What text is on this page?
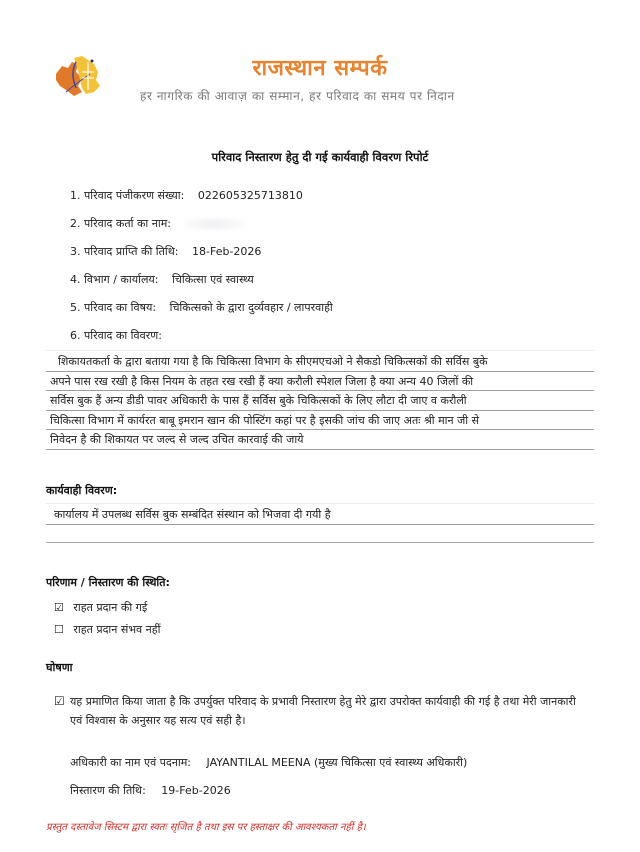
राजस्थान सम्पर्क
हर नागरिक की आवाज़ का सम्मान, हर परिवाद का समय पर निदान
परिवाद निस्तारण हेतु दी गई कार्यवाही विवरण रिपोर्ट
1. परिवाद पंजीकरण संख्या: 022605325713810
2. परिवाद कर्ता का नाम:
3. परिवाद प्राप्ति की तिथि: 18-Feb-2026
4. विभाग / कार्यालय: चिकित्सा एवं स्वास्थ्य
5. परिवाद का विषय: चिकित्सको के द्वारा दुर्व्यवहार / लापरवाही
6. परिवाद का विवरण:
शिकायतकर्ता के द्वारा बताया गया है कि चिकित्सा विभाग के सीएमएचओ ने सैकडो चिकित्सकों की सर्विस बुके
अपने पास रख रखी है किस नियम के तहत रख रखी हैं क्या करौली स्पेशल जिला है क्या अन्य 40 जिलों की
सर्विस बुक हैं अन्य डीडी पावर अधिकारी के पास हैं सर्विस बुके चिकित्सकों के लिए लौटा दी जाए व करौली
चिकित्सा विभाग में कार्यरत बाबू इमरान खान की पोस्टिंग कहां पर है इसकी जांच की जाए अतः श्री मान जी से
निवेदन है की शिकायत पर जल्द से जल्द उचित कारवाई की जाये
कार्यवाही विवरण:
कार्यालय में उपलब्ध सर्विस बुक सम्बंदित संस्थान को भिजवा दी गयी है
परिणाम / निस्तारण की स्थिति:
☑ राहत प्रदान की गई
☐ राहत प्रदान संभव नहीं
घोषणा
☑ यह प्रमाणित किया जाता है कि उपर्युक्त परिवाद के प्रभावी निस्तारण हेतु मेरे द्वारा उपरोक्त कार्यवाही की गई है तथा मेरी जानकारी एवं विश्वास के अनुसार यह सत्य एवं सही है।
अधिकारी का नाम एवं पदनाम: JAYANTILAL MEENA (मुख्य चिकित्सा एवं स्वास्थ्य अधिकारी)
निस्तारण की तिथि: 19-Feb-2026
प्रस्तुत दस्तावेज सिस्टम द्वारा स्वतः सृजित है तथा इस पर हस्ताक्षर की आवश्यकता नहीं है।
